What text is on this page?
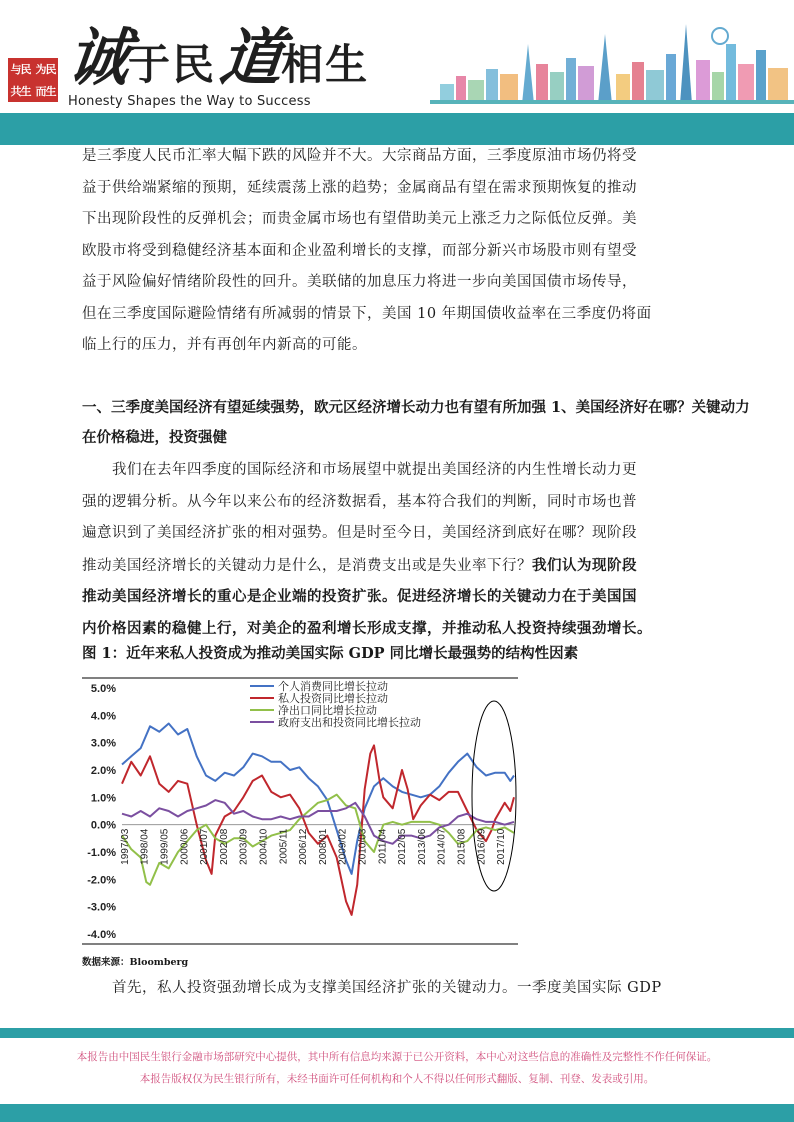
与民 为民
共生 而生 诚于民 道相生
Honesty Shapes the Way to Success
是三季度人民币汇率大幅下跌的风险并不大。大宗商品方面，三季度原油市场仍将受
益于供给端紧缩的预期，延续震荡上涨的趋势；金属商品有望在需求预期恢复的推动
下出现阶段性的反弹机会；而贵金属市场也有望借助美元上涨乏力之际低位反弹。美
欧股市将受到稳健经济基本面和企业盈利增长的支撑，而部分新兴市场股市则有望受
益于风险偏好情绪阶段性的回升。美联储的加息压力将进一步向美国国债市场传导，
但在三季度国际避险情绪有所减弱的情景下，美国 10 年期国债收益率在三季度仍将面
临上行的压力，并有再创年内新高的可能。
一、三季度美国经济有望延续强势，欧元区经济增长动力也有望有所加强 1、美国经济好在哪？关键动力
在价格稳进，投资强健
我们在去年四季度的国际经济和市场展望中就提出美国经济的内生性增长动力更
强的逻辑分析。从今年以来公布的经济数据看，基本符合我们的判断，同时市场也普
遍意识到了美国经济扩张的相对强势。但是时至今日，美国经济到底好在哪？现阶段
推动美国经济增长的关键动力是什么，是消费支出或是失业率下行？我们认为现阶段
推动美国经济增长的重心是企业端的投资扩张。促进经济增长的关键动力在于美国国
内价格因素的稳健上行，对美企的盈利增长形成支撑，并推动私人投资持续强劲增长。
图 1：近年来私人投资成为推动美国实际 GDP 同比增长最强势的结构性因素
5.0%
4.0%
3.0%
2.0%
1.0%
0.0%
-1.0%
-2.0%
-3.0%
-4.0%
1997/03 1998/04 1999/05 2000/06 2001/07 2002/08 2003/09 2004/10 2005/11 2006/12 2008/01 2009/02 2010/03 2011/04 2012/05 2013/06 2014/07 2015/08 2016/09 2017/10
个人消费同比增长拉动
私人投资同比增长拉动
净出口同比增长拉动
政府支出和投资同比增长拉动
数据来源：Bloomberg
首先，私人投资强劲增长成为支撑美国经济扩张的关键动力。一季度美国实际 GDP
本报告由中国民生银行金融市场部研究中心提供，其中所有信息均来源于已公开资料，本中心对这些信息的准确性及完整性不作任何保证。
本报告版权仅为民生银行所有，未经书面许可任何机构和个人不得以任何形式翻版、复制、刊登、发表或引用。
